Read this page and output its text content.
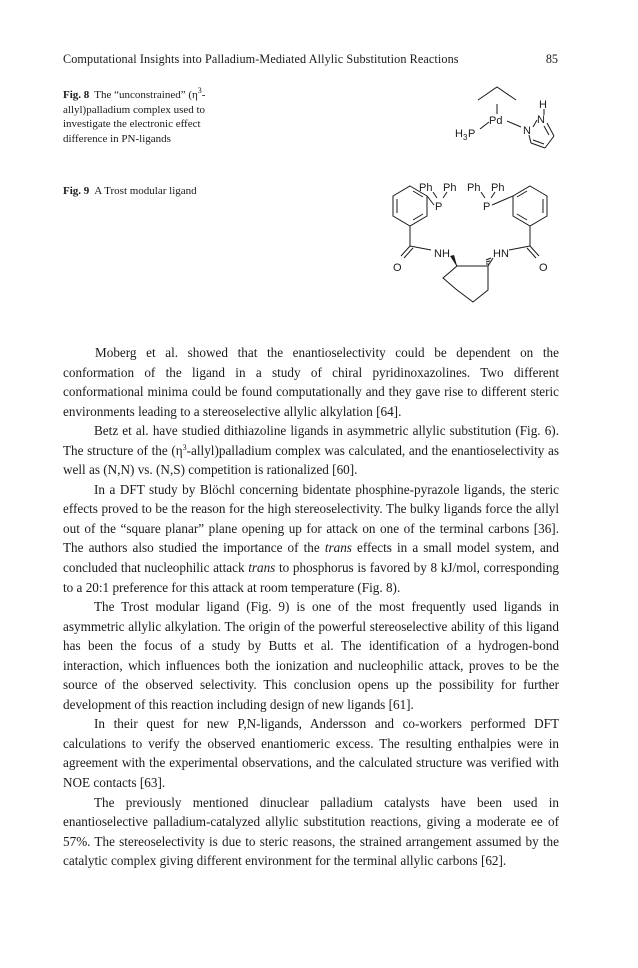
Computational Insights into Palladium-Mediated Allylic Substitution Reactions	85
Fig. 8 The “unconstrained” $(\eta^3-allyl)palladium$ complex used to investigate the electronic effect difference in PN-ligands
Pd
H 3 P	N
N
H
Fig. 9 A Trost modular ligand	Ph Ph Ph Ph
P	P
NH	HN
O	O

Moberg et al. showed that the enantioselectivity could be dependent on the conformation of the ligand in a study of chiral pyridinoxazolines. Two different conformational minima could be found computationally and they gave rise to different steric environments leading to a stereoselective allylic alkylation [64].

Betz et al. have studied dithiazoline ligands in asymmetric allylic substitution (Fig. 6). The structure of the $(\eta^3-allyl)palladium$ complex was calculated, and the enantioselectivity as well as (N,N) vs. (N,S) competition is rationalized [60].

In a DFT study by Blöchl concerning bidentate phosphine-pyrazole ligands, the steric effects proved to be the reason for the high stereoselectivity. The bulky ligands force the allyl out of the “square planar” plane opening up for attack on one of the terminal carbons [36]. The authors also studied the importance of the trans effects in a small model system, and concluded that nucleophilic attack trans to phosphorus is favored by 8 kJ/mol, corresponding to a 20:1 preference for this attack at room temperature (Fig. 8).

The Trost modular ligand (Fig. 9) is one of the most frequently used ligands in asymmetric allylic alkylation. The origin of the powerful stereoselective ability of this ligand has been the focus of a study by Butts et al. The identification of a hydrogen-bond interaction, which influences both the ionization and nucleophilic attack, proves to be the source of the observed selectivity. This conclusion opens up the possibility for further development of this reaction including design of new ligands [61].

In their quest for new P,N-ligands, Andersson and co-workers performed DFT calculations to verify the observed enantiomeric excess. The resulting enthalpies were in agreement with the experimental observations, and the calculated structure was verified with NOE contacts [63].

The previously mentioned dinuclear palladium catalysts have been used in enantioselective palladium-catalyzed allylic substitution reactions, giving a moderate ee of 57%. The stereoselectivity is due to steric reasons, the strained arrangement assumed by the catalytic complex giving different environment for the terminal allylic carbons [62].
